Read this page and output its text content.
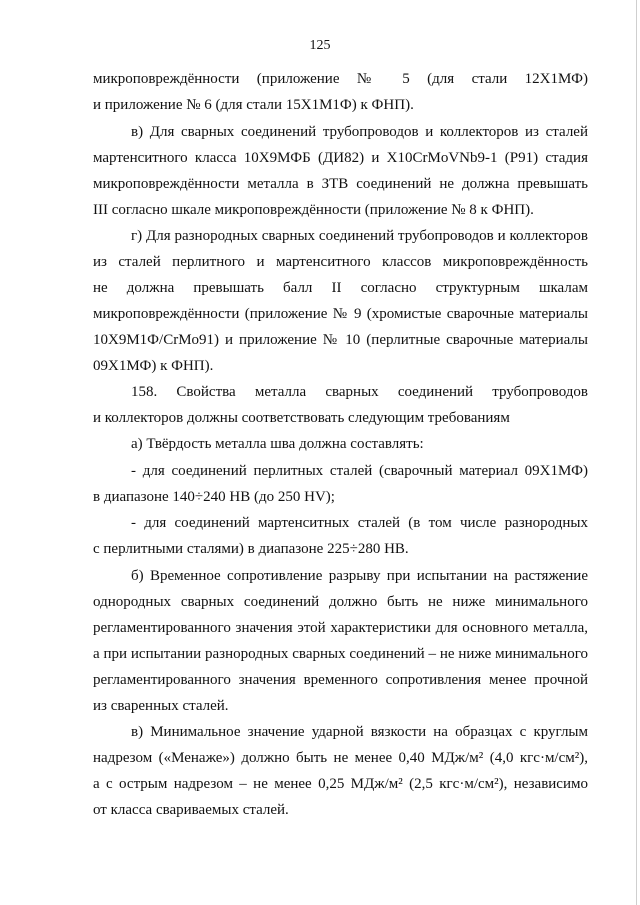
125
микроповреждённости (приложение № 5 (для стали 12Х1МФ)
и приложение № 6 (для стали 15Х1М1Ф) к ФНП).
в) Для сварных соединений трубопроводов и коллекторов из сталей
мартенситного класса 10Х9МФБ (ДИ82) и X10CrMoVNb9-1 (Р91) стадия
микроповреждённости металла в ЗТВ соединений не должна превышать
III согласно шкале микроповреждённости (приложение № 8 к ФНП).
г) Для разнородных сварных соединений трубопроводов и коллекторов
из сталей перлитного и мартенситного классов микроповреждённость
не должна превышать балл II согласно структурным шкалам
микроповреждённости (приложение № 9 (хромистые сварочные материалы
10Х9М1Ф/CrMo91) и приложение № 10 (перлитные сварочные материалы
09Х1МФ) к ФНП).
158. Свойства металла сварных соединений трубопроводов
и коллекторов должны соответствовать следующим требованиям
а) Твёрдость металла шва должна составлять:
- для соединений перлитных сталей (сварочный материал 09Х1МФ)
в диапазоне 140÷240 НВ (до 250 HV);
- для соединений мартенситных сталей (в том числе разнородных
с перлитными сталями) в диапазоне 225÷280 НВ.
б) Временное сопротивление разрыву при испытании на растяжение
однородных сварных соединений должно быть не ниже минимального
регламентированного значения этой характеристики для основного металла,
а при испытании разнородных сварных соединений – не ниже минимального
регламентированного значения временного сопротивления менее прочной
из сваренных сталей.
в) Минимальное значение ударной вязкости на образцах с круглым
надрезом («Менаже») должно быть не менее 0,40 МДж/м² (4,0 кгс·м/см²),
а с острым надрезом – не менее 0,25 МДж/м² (2,5 кгс·м/см²), независимо
от класса свариваемых сталей.
